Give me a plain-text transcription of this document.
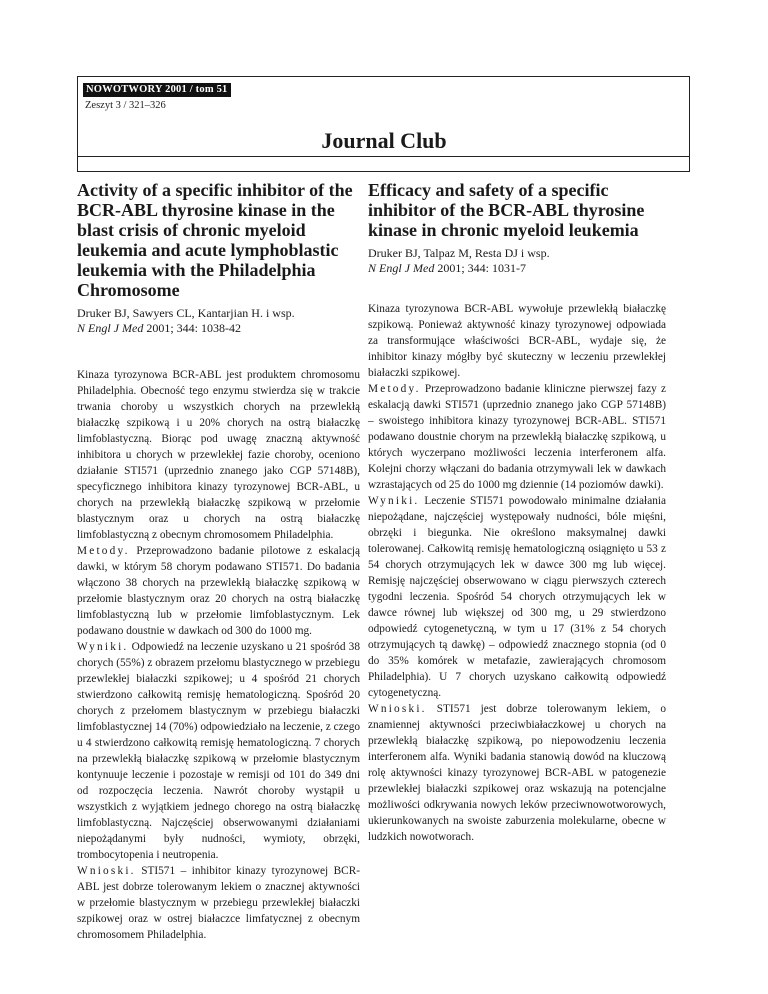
NOWOTWORY 2001 / tom 51
Zeszyt 3 / 321–326
Journal Club
Activity of a specific inhibitor of the BCR-ABL thyrosine kinase in the blast crisis of chronic myeloid leukemia and acute lymphoblastic leukemia with the Philadelphia Chromosome
Druker BJ, Sawyers CL, Kantarjian H. i wsp.
N Engl J Med 2001; 344: 1038-42

Kinaza tyrozynowa BCR-ABL jest produktem chromosomu Philadelphia. Obecność tego enzymu stwierdza się w trakcie trwania choroby u wszystkich chorych na przewlekłą białaczkę szpikową i u 20% chorych na ostrą białaczkę limfoblastyczną. Biorąc pod uwagę znaczną aktywność inhibitora u chorych w przewlekłej fazie choroby, oceniono działanie STI571 (uprzednio znanego jako CGP 57148B), specyficznego inhibitora kinazy tyrozynowej BCR-ABL, u chorych na przewlekłą białaczkę szpikową w przełomie blastycznym oraz u chorych na ostrą białaczkę limfoblastyczną z obecnym chromosomem Philadelphia.
Metody. Przeprowadzono badanie pilotowe z eskalacją dawki, w którym 58 chorym podawano STI571. Do badania włączono 38 chorych na przewlekłą białaczkę szpikową w przełomie blastycznym oraz 20 chorych na ostrą białaczkę limfoblastyczną lub w przełomie limfoblastycznym. Lek podawano doustnie w dawkach od 300 do 1000 mg.
Wyniki. Odpowiedź na leczenie uzyskano u 21 spośród 38 chorych (55%) z obrazem przełomu blastycznego w przebiegu przewlekłej białaczki szpikowej; u 4 spośród 21 chorych stwierdzono całkowitą remisję hematologiczną. Spośród 20 chorych z przełomem blastycznym w przebiegu białaczki limfoblastycznej 14 (70%) odpowiedziało na leczenie, z czego u 4 stwierdzono całkowitą remisję hematologiczną. 7 chorych na przewlekłą białaczkę szpikową w przełomie blastycznym kontynuuje leczenie i pozostaje w remisji od 101 do 349 dni od rozpoczęcia leczenia. Nawrót choroby wystąpił u wszystkich z wyjątkiem jednego chorego na ostrą białaczkę limfoblastyczną. Najczęściej obserwowanymi działaniami niepożądanymi były nudności, wymioty, obrzęki, trombocytopenia i neutropenia.
Wnioski. STI571 – inhibitor kinazy tyrozynowej BCR-ABL jest dobrze tolerowanym lekiem o znacznej aktywności w przełomie blastycznym w przebiegu przewlekłej białaczki szpikowej oraz w ostrej białaczce limfatycznej z obecnym chromosomem Philadelphia.

Efficacy and safety of a specific inhibitor of the BCR-ABL thyrosine kinase in chronic myeloid leukemia
Druker BJ, Talpaz M, Resta DJ i wsp.
N Engl J Med 2001; 344: 1031-7

Kinaza tyrozynowa BCR-ABL wywołuje przewlekłą białaczkę szpikową. Ponieważ aktywność kinazy tyrozynowej odpowiada za transformujące właściwości BCR-ABL, wydaje się, że inhibitor kinazy mógłby być skuteczny w leczeniu przewlekłej białaczki szpikowej.
Metody. Przeprowadzono badanie kliniczne pierwszej fazy z eskalacją dawki STI571 (uprzednio znanego jako CGP 57148B) – swoistego inhibitora kinazy tyrozynowej BCR-ABL. STI571 podawano doustnie chorym na przewlekłą białaczkę szpikową, u których wyczerpano możliwości leczenia interferonem alfa. Kolejni chorzy włączani do badania otrzymywali lek w dawkach wzrastających od 25 do 1000 mg dziennie (14 poziomów dawki).
Wyniki. Leczenie STI571 powodowało minimalne działania niepożądane, najczęściej występowały nudności, bóle mięśni, obrzęki i biegunka. Nie określono maksymalnej dawki tolerowanej. Całkowitą remisję hematologiczną osiągnięto u 53 z 54 chorych otrzymujących lek w dawce 300 mg lub więcej. Remisję najczęściej obserwowano w ciągu pierwszych czterech tygodni leczenia. Spośród 54 chorych otrzymujących lek w dawce równej lub większej od 300 mg, u 29 stwierdzono odpowiedź cytogenetyczną, w tym u 17 (31% z 54 chorych otrzymujących tą dawkę) – odpowiedź znacznego stopnia (od 0 do 35% komórek w metafazie, zawierających chromosom Philadelphia). U 7 chorych uzyskano całkowitą odpowiedź cytogenetyczną.
Wnioski. STI571 jest dobrze tolerowanym lekiem, o znamiennej aktywności przeciwbiałaczkowej u chorych na przewlekłą białaczkę szpikową, po niepowodzeniu leczenia interferonem alfa. Wyniki badania stanowią dowód na kluczową rolę aktywności kinazy tyrozynowej BCR-ABL w patogenezie przewlekłej białaczki szpikowej oraz wskazują na potencjalne możliwości odkrywania nowych leków przeciwnowotworowych, ukierunkowanych na swoiste zaburzenia molekularne, obecne w ludzkich nowotworach.
